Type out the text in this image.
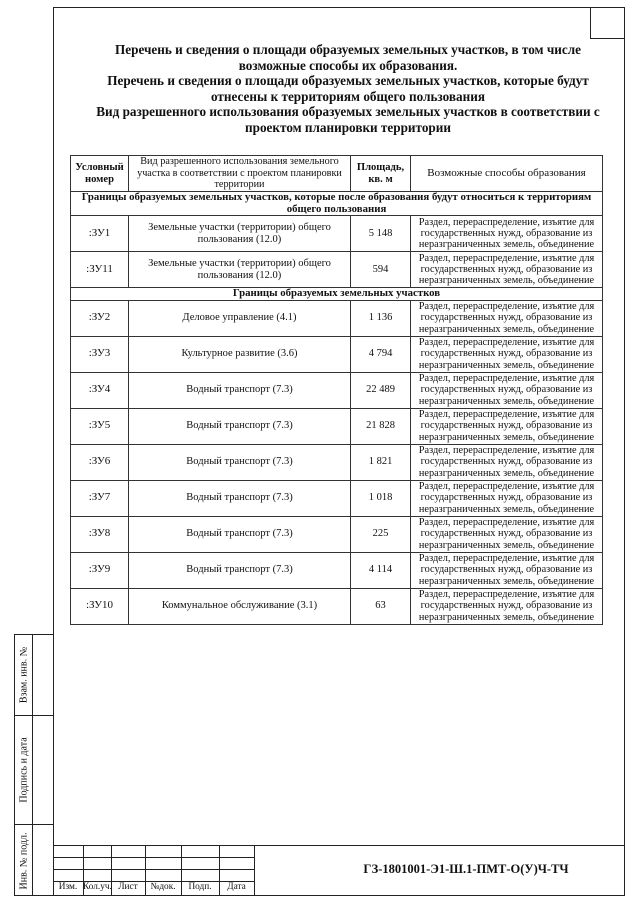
Перечень и сведения о площади образуемых земельных участков, в том числе
возможные способы их образования.
Перечень и сведения о площади образуемых земельных участков, которые будут
отнесены к территориям общего пользования
Вид разрешенного использования образуемых земельных участков в соответствии с
проектом планировки территории
Условный номер	Вид разрешенного использования земельного участка в соответствии с проектом планировки территории	Площадь, кв. м	Возможные способы образования
Границы образуемых земельных участков, которые после образования будут относиться к территориям общего пользования			
:ЗУ1	Земельные участки (территории) общего пользования (12.0)	5 148	Раздел, перераспределение, изъятие для государственных нужд, образование из неразграниченных земель, объединение
:ЗУ11	Земельные участки (территории) общего пользования (12.0)	594	Раздел, перераспределение, изъятие для государственных нужд, образование из неразграниченных земель, объединение
Границы образуемых земельных участков			
:ЗУ2	Деловое управление (4.1)	1 136	Раздел, перераспределение, изъятие для государственных нужд, образование из неразграниченных земель, объединение
:ЗУ3	Культурное развитие (3.6)	4 794	Раздел, перераспределение, изъятие для государственных нужд, образование из неразграниченных земель, объединение
:ЗУ4	Водный транспорт (7.3)	22 489	Раздел, перераспределение, изъятие для государственных нужд, образование из неразграниченных земель, объединение
:ЗУ5	Водный транспорт (7.3)	21 828	Раздел, перераспределение, изъятие для государственных нужд, образование из неразграниченных земель, объединение
:ЗУ6	Водный транспорт (7.3)	1 821	Раздел, перераспределение, изъятие для государственных нужд, образование из неразграниченных земель, объединение
:ЗУ7	Водный транспорт (7.3)	1 018	Раздел, перераспределение, изъятие для государственных нужд, образование из неразграниченных земель, объединение
:ЗУ8	Водный транспорт (7.3)	225	Раздел, перераспределение, изъятие для государственных нужд, образование из неразграниченных земель, объединение
:ЗУ9	Водный транспорт (7.3)	4 114	Раздел, перераспределение, изъятие для государственных нужд, образование из неразграниченных земель, объединение
:ЗУ10	Коммунальное обслуживание (3.1)	63	Раздел, перераспределение, изъятие для государственных нужд, образование из неразграниченных земель, объединение
Взам. инв. №
Подпись и дата
Инв. № подл.	ГЗ-1801001-Э1-Ш.1-ПМТ-О(У)Ч-ТЧ
Изм. Кол.уч. Лист	№док.	Подп.	Дата
